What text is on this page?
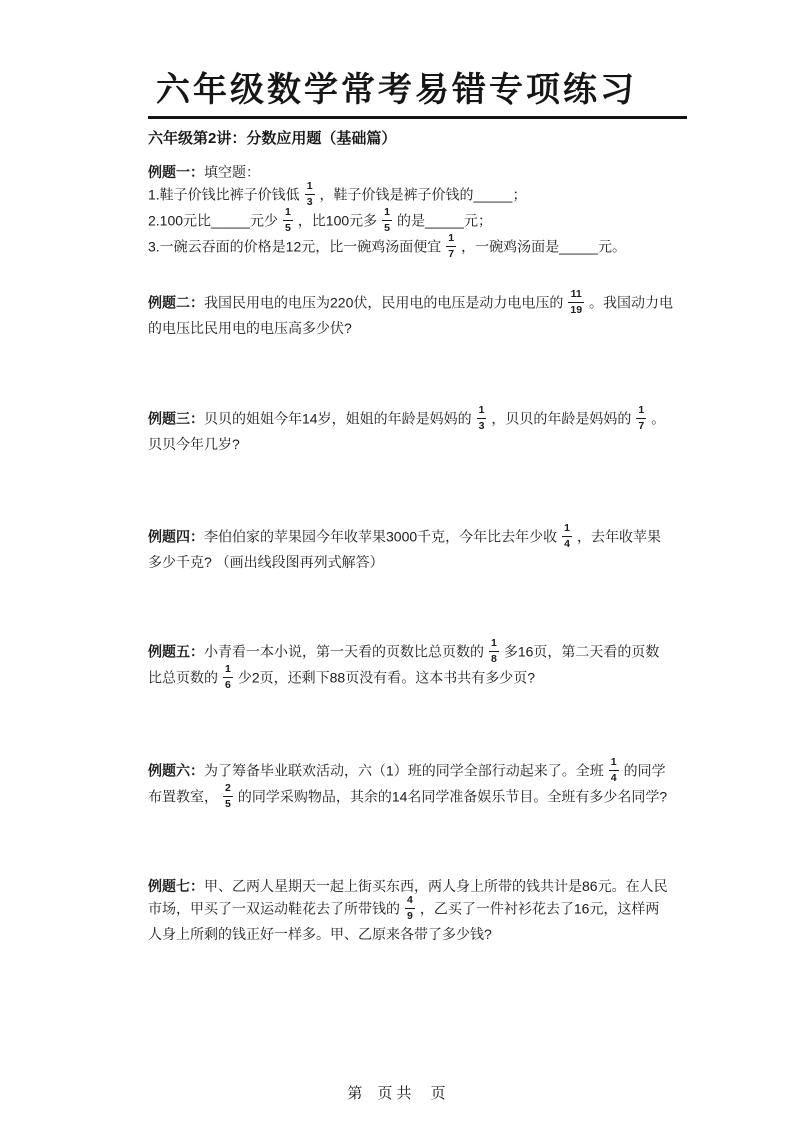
六年级数学常考易错专项练习
六年级第2讲：分数应用题（基础篇）
例题一：填空题：
1.鞋子价钱比裤子价钱低 $\frac{1}{3}$ ，鞋子价钱是裤子价钱的_____；
2.100元比_____元少 $\frac{1}{5}$ ，比100元多 $\frac{1}{5}$ 的是_____元；
3.一碗云吞面的价格是12元，比一碗鸡汤面便宜 $\frac{1}{7}$ ，一碗鸡汤面是_____元。
例题二：我国民用电的电压为220伏，民用电的电压是动力电电压的 $\frac{11}{19}$ 。我国动力电
的电压比民用电的电压高多少伏?
例题三：贝贝的姐姐今年14岁，姐姐的年龄是妈妈的 $\frac{1}{3}$ ，贝贝的年龄是妈妈的 $\frac{1}{7}$ 。
贝贝今年几岁?
例题四：李伯伯家的苹果园今年收苹果3000千克，今年比去年少收 $\frac{1}{4}$ ，去年收苹果
多少千克? （画出线段图再列式解答）
例题五：小青看一本小说，第一天看的页数比总页数的 $\frac{1}{8}$ 多16页，第二天看的页数
比总页数的 $\frac{1}{6}$ 少2页，还剩下88页没有看。这本书共有多少页?
例题六：为了筹备毕业联欢活动，六（1）班的同学全部行动起来了。全班 $\frac{1}{4}$ 的同学
布置教室， $\frac{2}{5}$ 的同学采购物品，其余的14名同学准备娱乐节目。全班有多少名同学?
例题七：甲、乙两人星期天一起上街买东西，两人身上所带的钱共计是86元。在人民
市场，甲买了一双运动鞋花去了所带钱的 $\frac{4}{9}$ ，乙买了一件衬衫花去了16元，这样两
人身上所剩的钱正好一样多。甲、乙原来各带了多少钱?
第　页 共　 页
